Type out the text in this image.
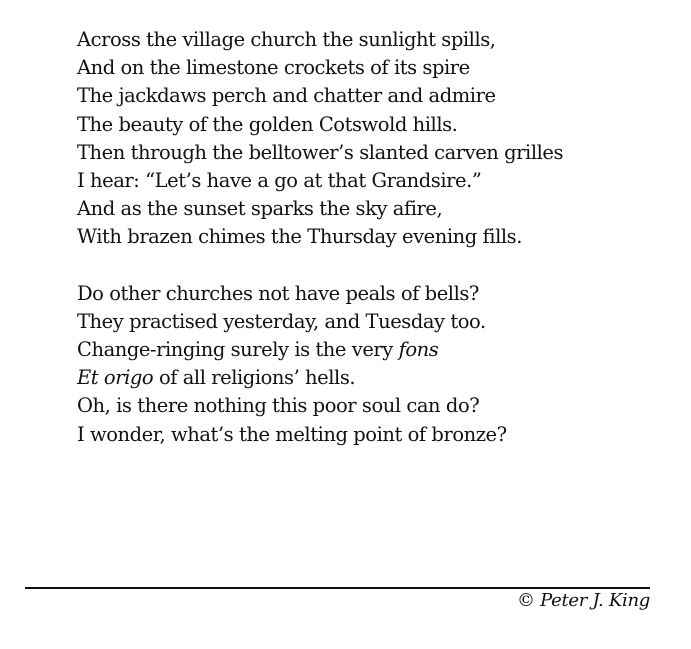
Across the village church the sunlight spills,
And on the limestone crockets of its spire
The jackdaws perch and chatter and admire
The beauty of the golden Cotswold hills.
Then through the belltower’s slanted carven grilles
I hear: “Let’s have a go at that Grandsire.”
And as the sunset sparks the sky afire,
With brazen chimes the Thursday evening fills.
Do other churches not have peals of bells?
They practised yesterday, and Tuesday too.
Change-ringing surely is the very fons
Et origo of all religions’ hells.
Oh, is there nothing this poor soul can do?
I wonder, what’s the melting point of bronze?
© Peter J. King
